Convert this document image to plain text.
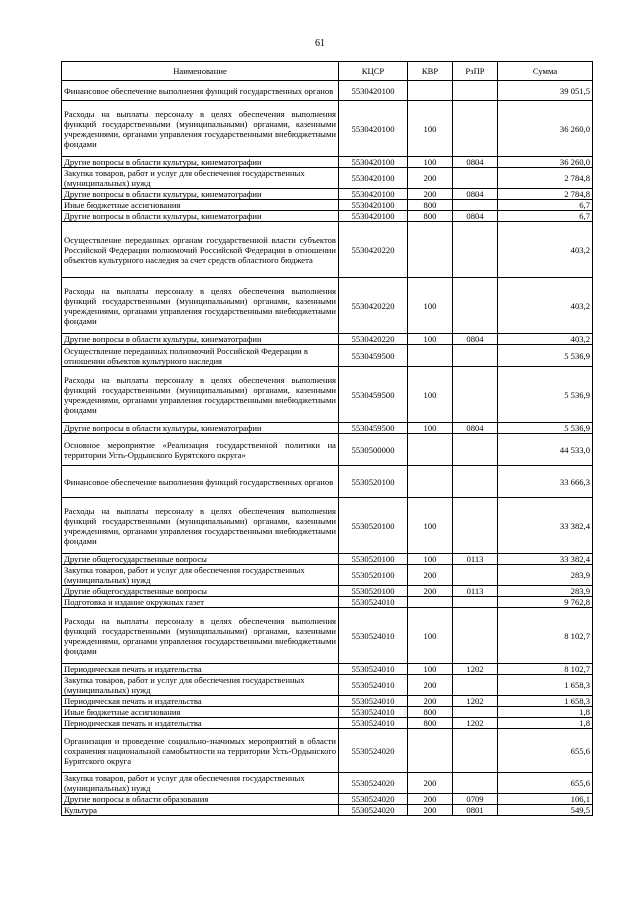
61
Наименование	КЦСР	КВР	РзПР	Сумма
Финансовое обеспечение выполнения функций государственных органов	5530420100			39 051,5
Расходы на выплаты персоналу в целях обеспечения выполнения функций государственными (муниципальными) органами, казенными учреждениями, органами управления государственными внебюджетными фондами	5530420100	100		36 260,0
Другие вопросы в области культуры, кинематографии	5530420100	100	0804	36 260,0
Закупка товаров, работ и услуг для обеспечения государственных (муниципальных) нужд	5530420100	200		2 784,8
Другие вопросы в области культуры, кинематографии	5530420100	200	0804	2 784,8
Иные бюджетные ассигнования	5530420100	800		6,7
Другие вопросы в области культуры, кинематографии	5530420100	800	0804	6,7
Осуществление переданных органам государственной власти субъектов Российской Федерации полномочий Российской Федерации в отношении объектов культурного наследия за счет средств областного бюджета	5530420220			403,2
Расходы на выплаты персоналу в целях обеспечения выполнения функций государственными (муниципальными) органами, казенными учреждениями, органами управления государственными внебюджетными фондами	5530420220	100		403,2
Другие вопросы в области культуры, кинематографии	5530420220	100	0804	403,2
Осуществление переданных полномочий Российской Федерации в отношении объектов культурного наследия	5530459500			5 536,9
Расходы на выплаты персоналу в целях обеспечения выполнения функций государственными (муниципальными) органами, казенными учреждениями, органами управления государственными внебюджетными фондами	5530459500	100		5 536,9
Другие вопросы в области культуры, кинематографии	5530459500	100	0804	5 536,9
Основное мероприятие «Реализация государственной политики на территории Усть-Ордынского Бурятского округа»	5530500000			44 533,0
Финансовое обеспечение выполнения функций государственных органов	5530520100			33 666,3
Расходы на выплаты персоналу в целях обеспечения выполнения функций государственными (муниципальными) органами, казенными учреждениями, органами управления государственными внебюджетными фондами	5530520100	100		33 382,4
Другие общегосударственные вопросы	5530520100	100	0113	33 382,4
Закупка товаров, работ и услуг для обеспечения государственных (муниципальных) нужд	5530520100	200		283,9
Другие общегосударственные вопросы	5530520100	200	0113	283,9
Подготовка и издание окружных газет	5530524010			9 762,8
Расходы на выплаты персоналу в целях обеспечения выполнения функций государственными (муниципальными) органами, казенными учреждениями, органами управления государственными внебюджетными фондами	5530524010	100		8 102,7
Периодическая печать и издательства	5530524010	100	1202	8 102,7
Закупка товаров, работ и услуг для обеспечения государственных (муниципальных) нужд	5530524010	200		1 658,3
Периодическая печать и издательства	5530524010	200	1202	1 658,3
Иные бюджетные ассигнования	5530524010	800		1,8
Периодическая печать и издательства	5530524010	800	1202	1,8
Организация и проведение социально-значимых мероприятий в области сохранения национальной самобытности на территории Усть-Ордынского Бурятского округа	5530524020			655,6
Закупка товаров, работ и услуг для обеспечения государственных (муниципальных) нужд	5530524020	200		655,6
Другие вопросы в области образования	5530524020	200	0709	106,1
Культура	5530524020	200	0801	549,5
